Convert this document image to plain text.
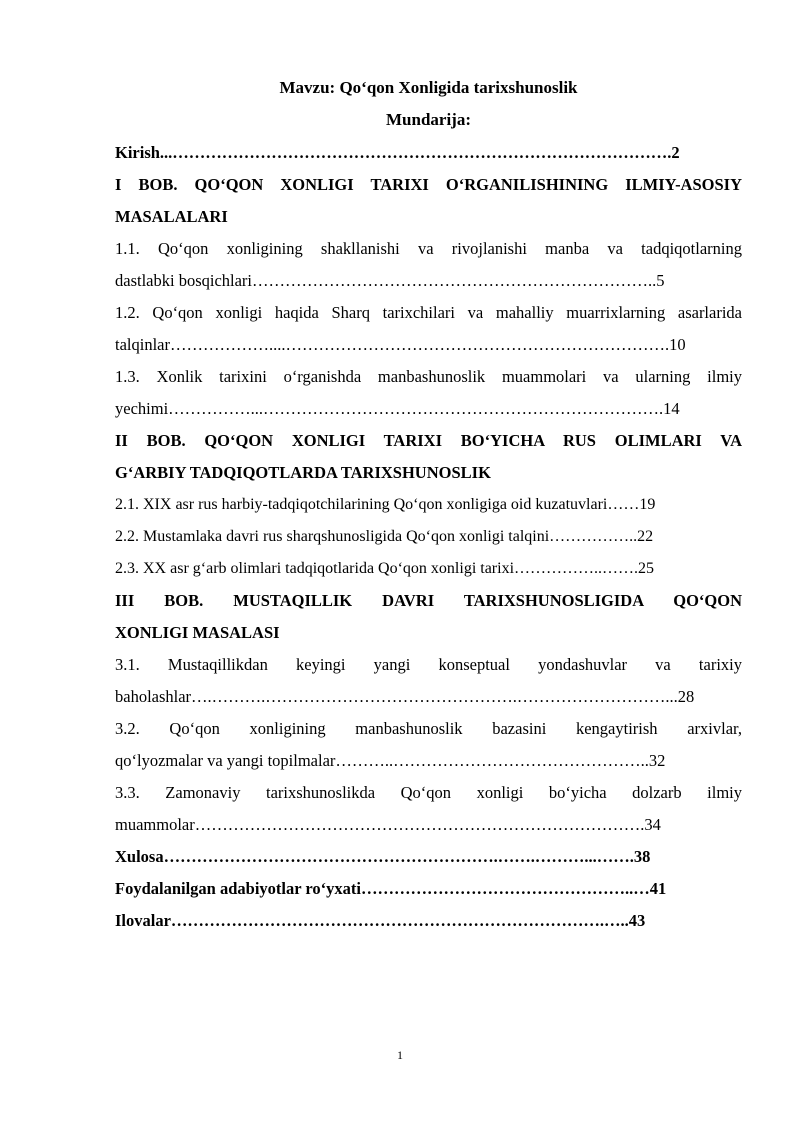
Mavzu: Qo‘qon Xonligida tarixshunoslik

Mundarija:

Kirish...……………………………………………………………………………….2
I BOB. QO‘QON XONLIGI TARIXI O‘RGANILISHINING ILMIY-ASOSIY
MASALALARI
1.1. Qo‘qon xonligining shakllanishi va rivojlanishi manba va tadqiqotlarning
dastlabki bosqichlari………………………………………………………………..5
1.2. Qo‘qon xonligi haqida Sharq tarixchilari va mahalliy muarrixlarning asarlarida
talqinlar………………....…………………………………………………………….10
1.3. Xonlik tarixini o‘rganishda manbashunoslik muammolari va ularning ilmiy
yechimi……………...……………………………………………………………….14
II BOB. QO‘QON XONLIGI TARIXI BO‘YICHA RUS OLIMLARI VA
G‘ARBIY TADQIQOTLARDA TARIXSHUNOSLIK
2.1. XIX asr rus harbiy-tadqiqotchilarining Qo‘qon xonligiga oid kuzatuvlari……19
2.2. Mustamlaka davri rus sharqshunosligida Qo‘qon xonligi talqini……………..22
2.3. XX asr g‘arb olimlari tadqiqotlarida Qo‘qon xonligi tarixi……………..…….25
III BOB. MUSTAQILLIK DAVRI TARIXSHUNOSLIGIDA QO‘QON
XONLIGI MASALASI
3.1. Mustaqillikdan keyingi yangi konseptual yondashuvlar va tarixiy
baholashlar….……….……………………………………….………………………...28
3.2. Qo‘qon xonligining manbashunoslik bazasini kengaytirish arxivlar,
qo‘lyozmalar va yangi topilmalar………..………………………………………..32
3.3. Zamonaviy tarixshunoslikda Qo‘qon xonligi bo‘yicha dolzarb ilmiy
muammolar……………………………………………………………………….34
Xulosa…………………………………………………….…….………...…….38
Foydalanilgan adabiyotlar ro‘yxati…………………………………………..…41
Ilovalar…………………………………………………………………….…..43
1
